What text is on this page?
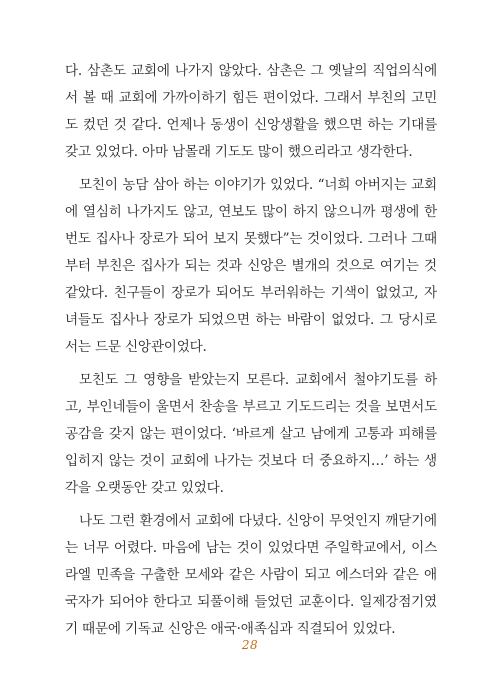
다. 삼촌도 교회에 나가지 않았다. 삼촌은 그 옛날의 직업의식에서 볼 때 교회에 가까이하기 힘든 편이었다. 그래서 부친의 고민도 컸던 것 같다. 언제나 동생이 신앙생활을 했으면 하는 기대를 갖고 있었다. 아마 남몰래 기도도 많이 했으리라고 생각한다.

모친이 농담 삼아 하는 이야기가 있었다. “너희 아버지는 교회에 열심히 나가지도 않고, 연보도 많이 하지 않으니까 평생에 한 번도 집사나 장로가 되어 보지 못했다”는 것이었다. 그러나 그때부터 부친은 집사가 되는 것과 신앙은 별개의 것으로 여기는 것 같았다. 친구들이 장로가 되어도 부러워하는 기색이 없었고, 자녀들도 집사나 장로가 되었으면 하는 바람이 없었다. 그 당시로서는 드문 신앙관이었다.

모친도 그 영향을 받았는지 모른다. 교회에서 철야기도를 하고, 부인네들이 울면서 찬송을 부르고 기도드리는 것을 보면서도 공감을 갖지 않는 편이었다. ‘바르게 살고 남에게 고통과 피해를 입히지 않는 것이 교회에 나가는 것보다 더 중요하지…’ 하는 생각을 오랫동안 갖고 있었다.

나도 그런 환경에서 교회에 다녔다. 신앙이 무엇인지 깨닫기에는 너무 어렸다. 마음에 남는 것이 있었다면 주일학교에서, 이스라엘 민족을 구출한 모세와 같은 사람이 되고 에스더와 같은 애국자가 되어야 한다고 되풀이해 들었던 교훈이다. 일제강점기였기 때문에 기독교 신앙은 애국·애족심과 직결되어 있었다.

28
